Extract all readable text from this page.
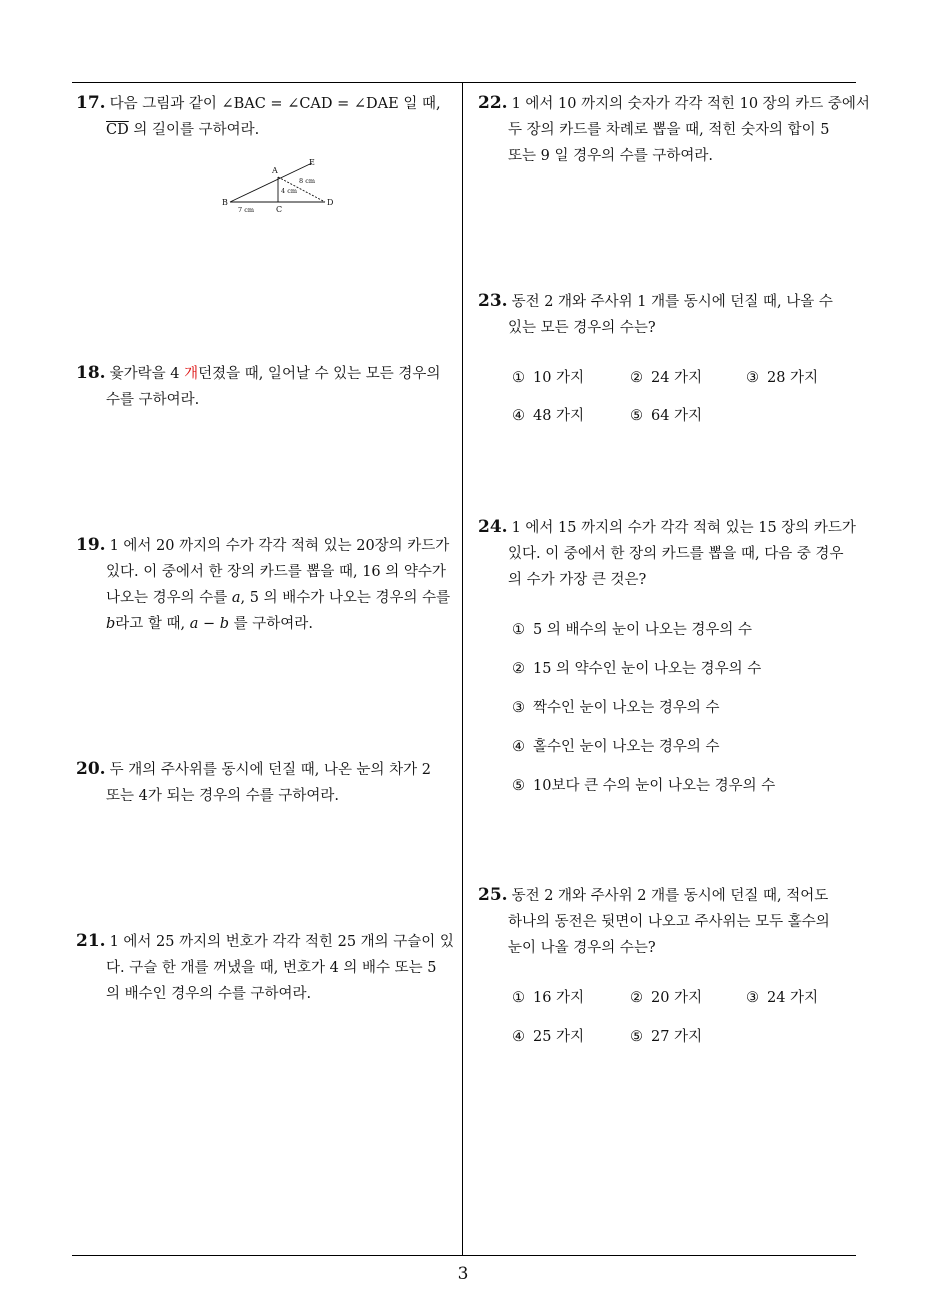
17. 다음 그림과 같이 ∠BAC = ∠CAD = ∠DAE 일 때,
$\overline{CD}$ 의 길이를 구하여라.
A
B
C
D
E
8 cm
4 cm
7 cm
18. 윷가락을 4 개던졌을 때, 일어날 수 있는 모든 경우의
수를 구하여라.
19. 1 에서 20 까지의 수가 각각 적혀 있는 20장의 카드가
있다. 이 중에서 한 장의 카드를 뽑을 때, 16 의 약수가
나오는 경우의 수를 a, 5 의 배수가 나오는 경우의 수를
b라고 할 때, a − b 를 구하여라.
20. 두 개의 주사위를 동시에 던질 때, 나온 눈의 차가 2
또는 4가 되는 경우의 수를 구하여라.
21. 1 에서 25 까지의 번호가 각각 적힌 25 개의 구슬이 있
다. 구슬 한 개를 꺼냈을 때, 번호가 4 의 배수 또는 5
의 배수인 경우의 수를 구하여라.
22. 1 에서 10 까지의 숫자가 각각 적힌 10 장의 카드 중에서
두 장의 카드를 차례로 뽑을 때, 적힌 숫자의 합이 5
또는 9 일 경우의 수를 구하여라.
23. 동전 2 개와 주사위 1 개를 동시에 던질 때, 나올 수
있는 모든 경우의 수는?
① 10 가지	② 24 가지	③ 28 가지
④ 48 가지	⑤ 64 가지
24. 1 에서 15 까지의 수가 각각 적혀 있는 15 장의 카드가
있다. 이 중에서 한 장의 카드를 뽑을 때, 다음 중 경우
의 수가 가장 큰 것은?
① 5 의 배수의 눈이 나오는 경우의 수
② 15 의 약수인 눈이 나오는 경우의 수
③ 짝수인 눈이 나오는 경우의 수
④ 홀수인 눈이 나오는 경우의 수
⑤ 10보다 큰 수의 눈이 나오는 경우의 수
25. 동전 2 개와 주사위 2 개를 동시에 던질 때, 적어도
하나의 동전은 뒷면이 나오고 주사위는 모두 홀수의
눈이 나올 경우의 수는?
① 16 가지	② 20 가지	③ 24 가지
④ 25 가지	⑤ 27 가지
3
